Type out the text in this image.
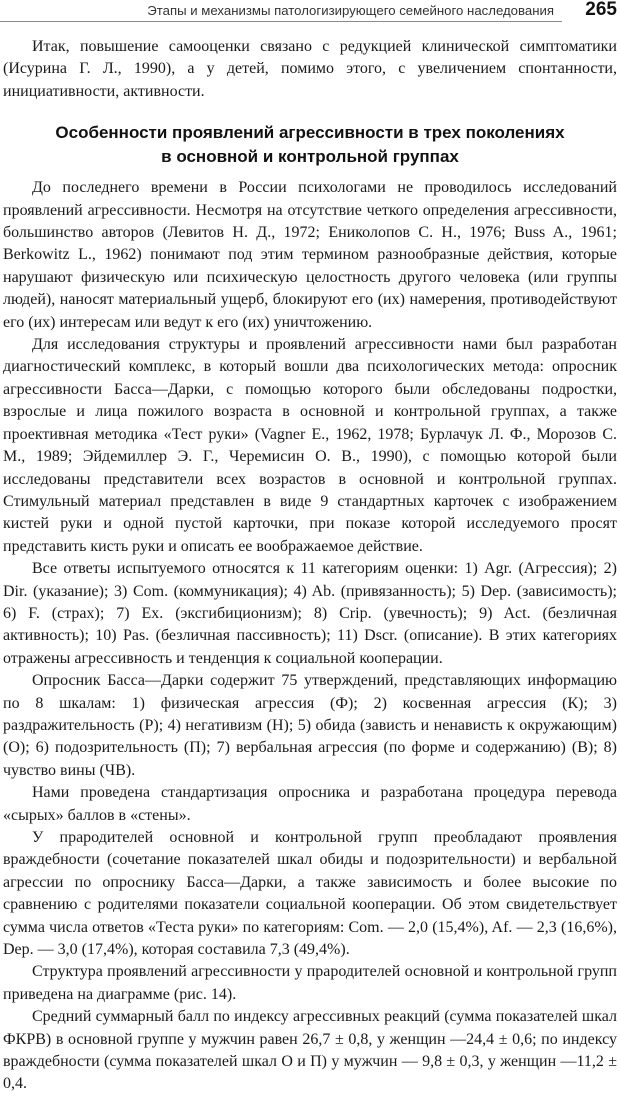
Этапы и механизмы патологизирующего семейного наследования 265

Итак, повышение самооценки связано с редукцией клинической симптоматики (Исурина Г. Л., 1990), а у детей, помимо этого, с увеличением спонтанности, инициативности, активности.

Особенности проявлений агрессивности в трех поколениях
в основной и контрольной группах

До последнего времени в России психологами не проводилось исследований проявлений агрессивности. Несмотря на отсутствие четкого определения агрессивности, большинство авторов (Левитов Н. Д., 1972; Ениколопов С. Н., 1976; Buss A., 1961; Berkowitz L., 1962) понимают под этим термином разнообразные действия, которые нарушают физическую или психическую целостность другого человека (или группы людей), наносят материальный ущерб, блокируют его (их) намерения, противодействуют его (их) интересам или ведут к его (их) уничтожению.

Для исследования структуры и проявлений агрессивности нами был разработан диагностический комплекс, в который вошли два психологических метода: опросник агрессивности Басса—Дарки, с помощью которого были обследованы подростки, взрослые и лица пожилого возраста в основной и контрольной группах, а также проективная методика «Тест руки» (Vagner E., 1962, 1978; Бурлачук Л. Ф., Морозов С. М., 1989; Эйдемиллер Э. Г., Черемисин О. В., 1990), с помощью которой были исследованы представители всех возрастов в основной и контрольной группах. Стимульный материал представлен в виде 9 стандартных карточек с изображением кистей руки и одной пустой карточки, при показе которой исследуемого просят представить кисть руки и описать ее воображаемое действие.

Все ответы испытуемого относятся к 11 категориям оценки: 1) Agr. (Агрессия); 2) Dir. (указание); 3) Com. (коммуникация); 4) Ab. (привязанность); 5) Dep. (зависимость); 6) F. (страх); 7) Ex. (эксгибиционизм); 8) Crip. (увечность); 9) Act. (безличная активность); 10) Pas. (безличная пассивность); 11) Dscr. (описание). В этих категориях отражены агрессивность и тенденция к социальной кооперации.

Опросник Басса—Дарки содержит 75 утверждений, представляющих информацию по 8 шкалам: 1) физическая агрессия (Ф); 2) косвенная агрессия (К); 3) раздражительность (Р); 4) негативизм (Н); 5) обида (зависть и ненависть к окружающим) (О); 6) подозрительность (П); 7) вербальная агрессия (по форме и содержанию) (В); 8) чувство вины (ЧВ).

Нами проведена стандартизация опросника и разработана процедура перевода «сырых» баллов в «стены».

У прародителей основной и контрольной групп преобладают проявления враждебности (сочетание показателей шкал обиды и подозрительности) и вербальной агрессии по опроснику Басса—Дарки, а также зависимость и более высокие по сравнению с родителями показатели социальной кооперации. Об этом свидетельствует сумма числа ответов «Теста руки» по категориям: Com. — 2,0 (15,4%), Af. — 2,3 (16,6%), Dep. — 3,0 (17,4%), которая составила 7,3 (49,4%).

Структура проявлений агрессивности у прародителей основной и контрольной групп приведена на диаграмме (рис. 14).

Средний суммарный балл по индексу агрессивных реакций (сумма показателей шкал ФКРВ) в основной группе у мужчин равен 26,7 ± 0,8, у женщин —24,4 ± 0,6; по индексу враждебности (сумма показателей шкал О и П) у мужчин — 9,8 ± 0,3, у женщин —11,2 ± 0,4.
